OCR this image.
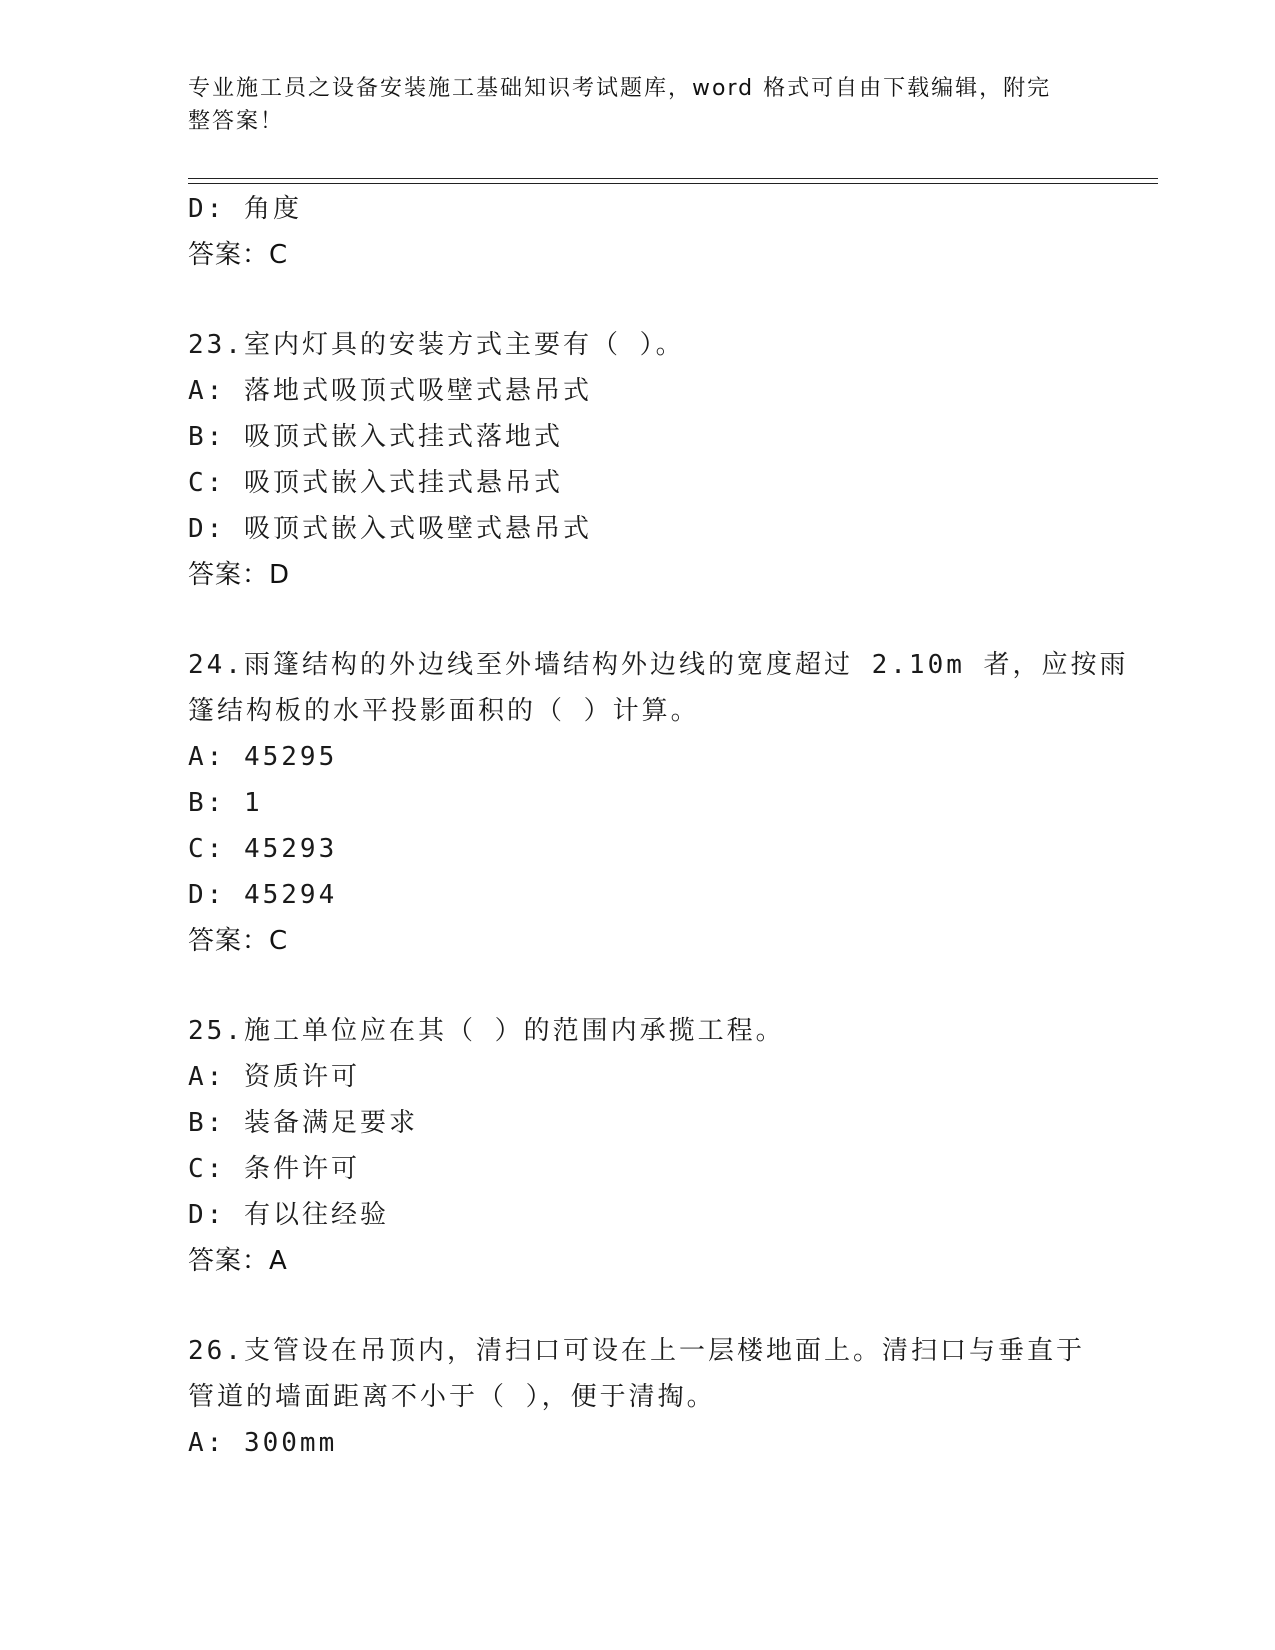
专业施工员之设备安装施工基础知识考试题库，word 格式可自由下载编辑，附完
整答案！
D: 角度
答案：C
23.室内灯具的安装方式主要有（ ）。
A: 落地式吸顶式吸壁式悬吊式
B: 吸顶式嵌入式挂式落地式
C: 吸顶式嵌入式挂式悬吊式
D: 吸顶式嵌入式吸壁式悬吊式
答案：D
24.雨篷结构的外边线至外墙结构外边线的宽度超过 2.10m 者，应按雨
篷结构板的水平投影面积的（ ）计算。
A: 45295
B: 1
C: 45293
D: 45294
答案：C
25.施工单位应在其（ ）的范围内承揽工程。
A: 资质许可
B: 装备满足要求
C: 条件许可
D: 有以往经验
答案：A
26.支管设在吊顶内，清扫口可设在上一层楼地面上。清扫口与垂直于
管道的墙面距离不小于（ ），便于清掏。
A: 300mm
